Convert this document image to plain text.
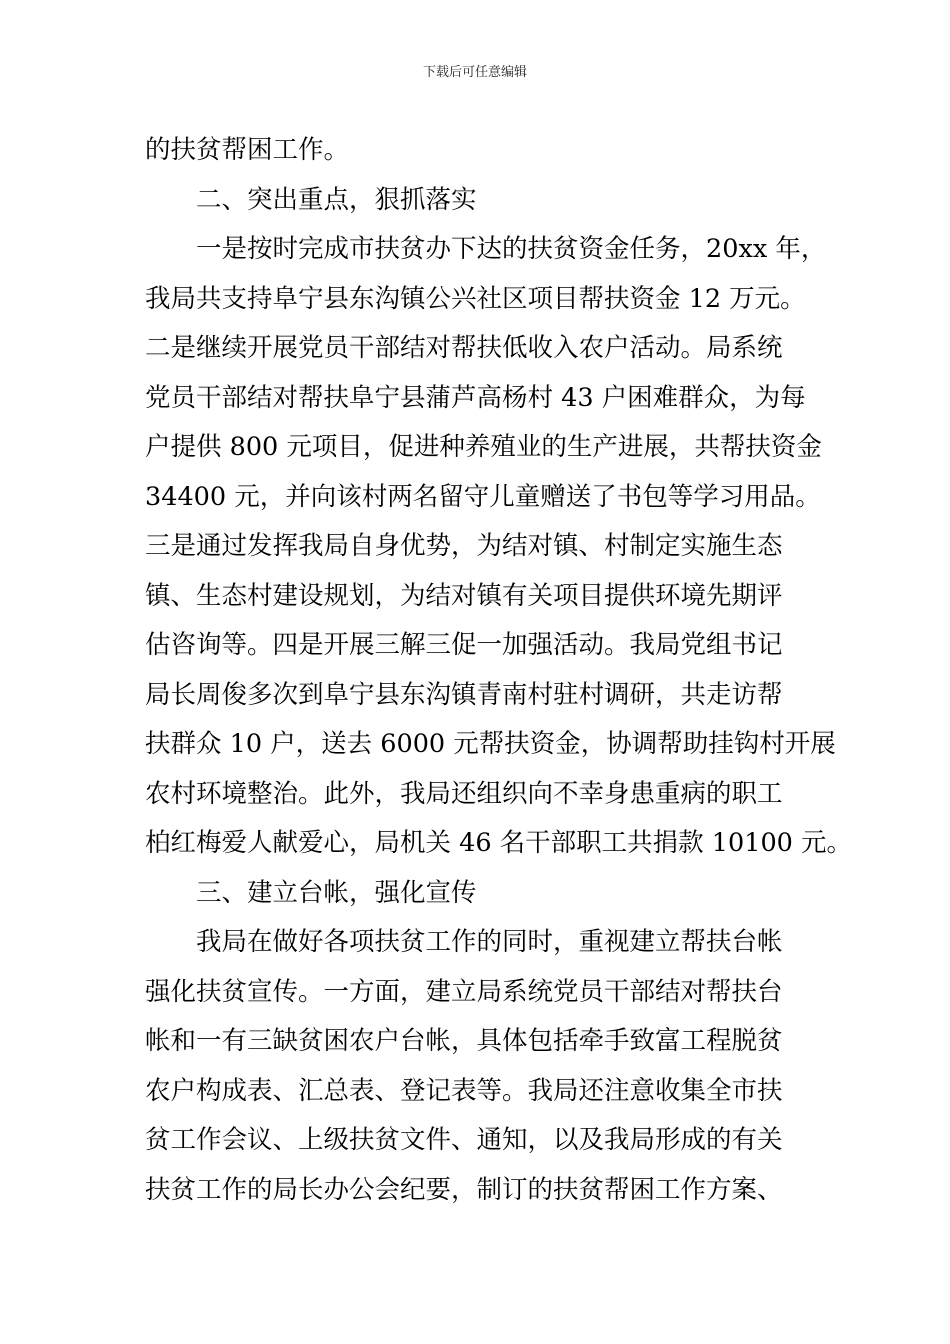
下载后可任意编辑
的扶贫帮困工作。
二、突出重点，狠抓落实
一是按时完成市扶贫办下达的扶贫资金任务，20xx 年，
我局共支持阜宁县东沟镇公兴社区项目帮扶资金 12 万元。
二是继续开展党员干部结对帮扶低收入农户活动。局系统
党员干部结对帮扶阜宁县蒲芦高杨村 43 户困难群众，为每
户提供 800 元项目，促进种养殖业的生产进展，共帮扶资金
34400 元，并向该村两名留守儿童赠送了书包等学习用品。
三是通过发挥我局自身优势，为结对镇、村制定实施生态
镇、生态村建设规划，为结对镇有关项目提供环境先期评
估咨询等。四是开展三解三促一加强活动。我局党组书记
局长周俊多次到阜宁县东沟镇青南村驻村调研，共走访帮
扶群众 10 户，送去 6000 元帮扶资金，协调帮助挂钩村开展
农村环境整治。此外，我局还组织向不幸身患重病的职工
柏红梅爱人献爱心，局机关 46 名干部职工共捐款 10100 元。
三、建立台帐，强化宣传
我局在做好各项扶贫工作的同时，重视建立帮扶台帐
强化扶贫宣传。一方面，建立局系统党员干部结对帮扶台
帐和一有三缺贫困农户台帐，具体包括牵手致富工程脱贫
农户构成表、汇总表、登记表等。我局还注意收集全市扶
贫工作会议、上级扶贫文件、通知，以及我局形成的有关
扶贫工作的局长办公会纪要，制订的扶贫帮困工作方案、
